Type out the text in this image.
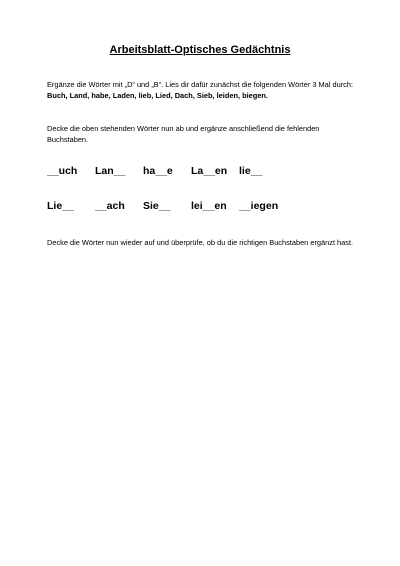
Arbeitsblatt-Optisches Gedächtnis
Ergänze die Wörter mit „D“ und „B“. Lies dir dafür zunächst die folgenden Wörter 3 Mal durch: Buch, Land, habe, Laden, lieb, Lied, Dach, Sieb, leiden, biegen.
Decke die oben stehenden Wörter nun ab und ergänze anschließend die fehlenden Buchstaben.
__uch Lan__ ha__e La__en lie__
Lie__ __ach Sie__ lei__en __iegen
Decke die Wörter nun wieder auf und überprüfe, ob du die richtigen Buchstaben ergänzt hast.
